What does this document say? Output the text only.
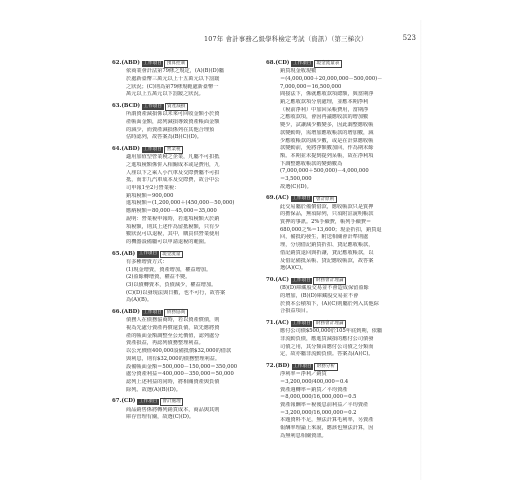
107年 會計事務乙級學科檢定考試（資訊）（第三梯次）	523
62.(ABD) 工作項目	預算控制
依商業會計法第79條之規定，(A)(B)(D)屬
於處新臺幣三萬元以上十五萬元以下罰鍰
之狀況；(C)則為第79條規範處新臺幣一
萬元以上五萬元以下罰鍰之狀況。
63.(BCD) 工作項目	資產減損
所謂資產減損係以未來可回收金額小於資
產帳面金額，認列減損導致資產帳面金額
的減少，而資產減損係列在其他合理預
估時認列，故答案為(B)(C)(D)。
64.(ABD) 工作項目	營業稅
適用加值型營業稅之企業，凡屬不可扣抵
之進項稅額係併入相關成本或是費用，九
人座以下之乘人小汽車及交際費屬不可扣
抵，而非九汽車成本及交際費，故合中公
司申報1至2月營業稅：
銷項稅額＝900,000
進項稅額＝(1,200,000＋(450,000－50,000)
應納稅額＝80,000－45,000＝35,000
說明：營業稅申報時，若進項稅額大於銷
項稅額，則其上述作為留抵稅額，只有少
數狀況可以退稅，其中，購買供營業使用
的機器設備屬可以申請退稅的範圍。
65.(AB) 工作項目	現金流量
有多種增資方式：
(1)現金增資，資產增加，權益增加。
(2)盈餘轉增資，權益不變。
(3)以債轉資本，負債減少，權益增加。
(C)(D)以發現法與日數，也不可行，故答案
為(A)(B)。
66.(ABD) 工作項目	債務協商
債務人在債務協商時，若以資產償債，則
視為先處分資產再償還負債，故先應將資
產的帳面金額調整至公允價值，認列處分
資產損益，再認列債務整理利益。
以公允價值400,000設備抵償$32,000的借款
與利息，則有$32,000的債務整理利益。
設備帳面金額＝500,000－150,000＝350,000
處分資產利益＝400,000－350,000＝50,000
認列上述利益的同時，將相關資產與負債
除列。故選(A)(B)(D)。
67.(CD) 工作項目	會計處理
商品銷售係將轉列銷貨成本，商品與其則
庫存管理有關，故選(C)(D)。
68.(CD) 工作項目	現金流量表
銷貨現金收現數
＝(4,000,000＋20,000,000－500,000)－
7,000,000＝16,500,000
間接法下，係就應收款項總額，與當期淨
銷之應收款項分別處理，並應本期淨利
（稅前淨利）中加回呆帳費用，當期淨
之應收款項，會因再議應收款的增加數
變少，試讓減少數變多，因此調整應收帳
款變動時，需增加應收帳款的增加數，減
少應收帳款的減少數，或是在計算應收帳
款變動前，免將淨額數加回，作為期末餘
額。本期並未提到提列呆帳，故在淨利項
下調整應收帳款的變動數為
(7,000,000＋500,000)－4,000,000
＝3,500,000
故選(C)(D)。
69.(AC) 工作項目	會計原則
此交易屬於備償借款，應收帳款只是質押
的擔保品，無須除列，只須附註說明帳款
質押的事訊。2%手續費，帳列手續費＝
680,000之%＝13,600；現金折扣，銷貨退
回，備抵的發生，附送相關會計準則處
理，分別借記銷貨折扣、貸記應收帳款，
借記銷貨退回與折讓，貸記應收帳款，以
及借記備抵呆帳、貸記應收帳款，故答案
選(A)(C)。
70.(AC) 工作項目	財務會計理論
(B)(D)庫藏股交易並不會造成保留盈餘
的增加，(B)(D)庫藏股交易並不會
於資本公積項下，(A)(C)則屬於列入其他綜
合損益項目。
71.(AC) 工作項目	財務會計理論
應付公司債$500,000於105年底到期，依屬
非流動負債，應進貨減損的應付公司債發
司債之用，其分類由應付公司債之分類而
定，故亦屬非流動負債。答案為(A)(C)。
72.(BD) 工作項目	財務分析
淨利率＝淨利／銷貨
＝3,200,000/400,000＝0.4
資產週轉率＝銷貨／平均資產
＝8,000,000/16,000,000＝0.5
資產報酬率＝稅後息前利益／平均資產
＝3,200,000/16,000,000＝0.2
本題資料不足，無法計算毛利率，另資產
報酬率理論上來說，應該也無法計算，因
為無利息相關資訊。
